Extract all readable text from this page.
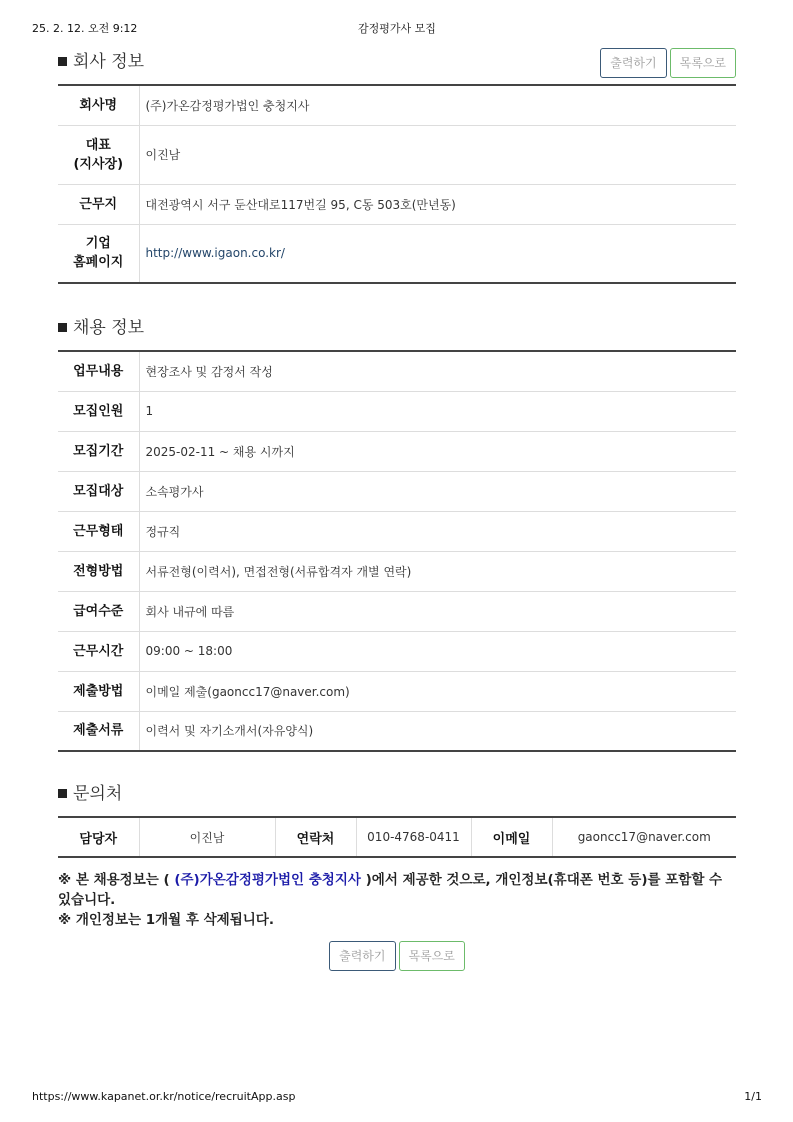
25. 2. 12. 오전 9:12	감정평가사 모집
회사 정보	출력하기 목록으로
회사명	(주)가온감정평가법인 충청지사
대표
(지사장)	이진남
근무지	대전광역시 서구 둔산대로117번길 95, C동 503호(만년동)
기업
홈페이지	http://www.igaon.co.kr/
채용 정보
업무내용	현장조사 및 감정서 작성
모집인원	1
모집기간	2025-02-11 ~ 채용 시까지
모집대상	소속평가사
근무형태	정규직
전형방법	서류전형(이력서), 면접전형(서류합격자 개별 연락)
급여수준	회사 내규에 따름
근무시간	09:00 ~ 18:00
제출방법	이메일 제출(gaoncc17@naver.com)
제출서류	이력서 및 자기소개서(자유양식)
문의처
담당자	이진남	연락처	010-4768-0411	이메일	gaoncc17@naver.com
※ 본 채용정보는 ( (주)가온감정평가법인 충청지사 )에서 제공한 것으로, 개인정보(휴대폰 번호 등)를 포함할 수 있습니다.
※ 개인정보는 1개월 후 삭제됩니다.
출력하기 목록으로
https://www.kapanet.or.kr/notice/recruitApp.asp	1/1
